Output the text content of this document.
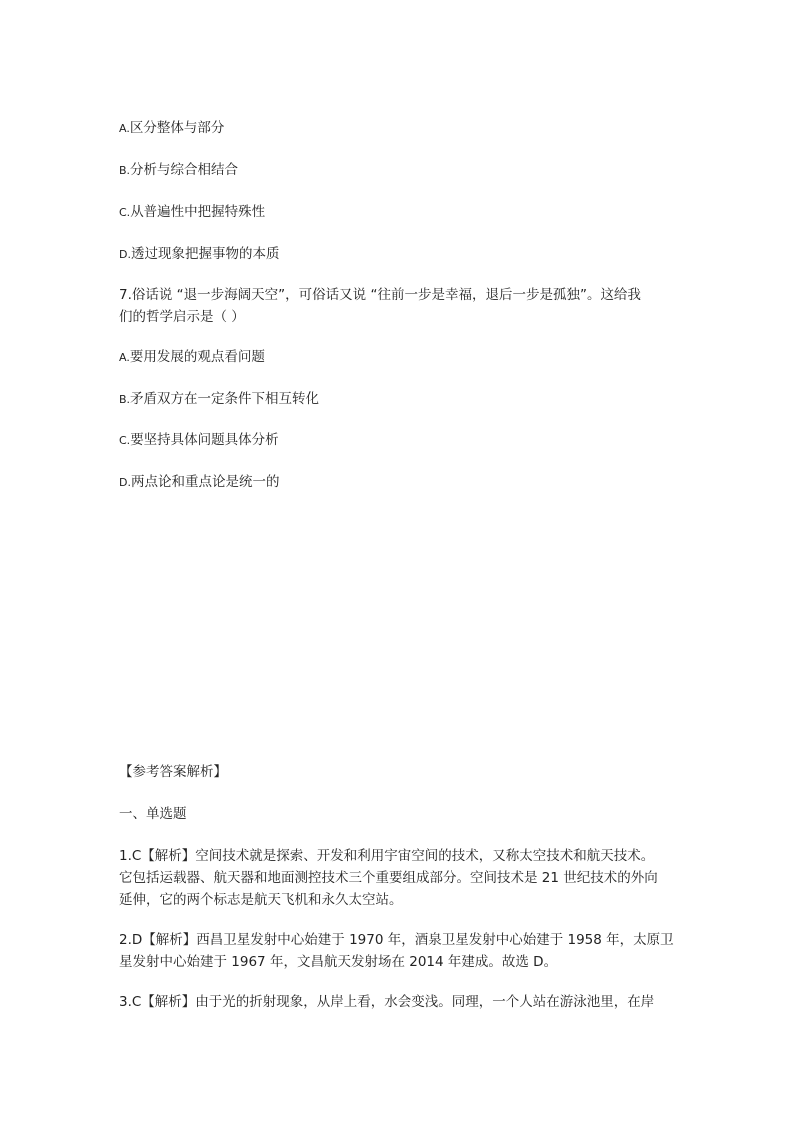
A.区分整体与部分
B.分析与综合相结合
C.从普遍性中把握特殊性
D.透过现象把握事物的本质
7.俗话说 “退一步海阔天空”，可俗话又说 “往前一步是幸福，退后一步是孤独”。这给我
们的哲学启示是（ ）
A.要用发展的观点看问题
B.矛盾双方在一定条件下相互转化
C.要坚持具体问题具体分析
D.两点论和重点论是统一的
【参考答案解析】
一、单选题
1.C【解析】空间技术就是探索、开发和利用宇宙空间的技术，又称太空技术和航天技术。
它包括运载器、航天器和地面测控技术三个重要组成部分。空间技术是 21 世纪技术的外向
延伸，它的两个标志是航天飞机和永久太空站。
2.D【解析】西昌卫星发射中心始建于 1970 年，酒泉卫星发射中心始建于 1958 年，太原卫
星发射中心始建于 1967 年，文昌航天发射场在 2014 年建成。故选 D。
3.C【解析】由于光的折射现象，从岸上看，水会变浅。同理，一个人站在游泳池里，在岸
